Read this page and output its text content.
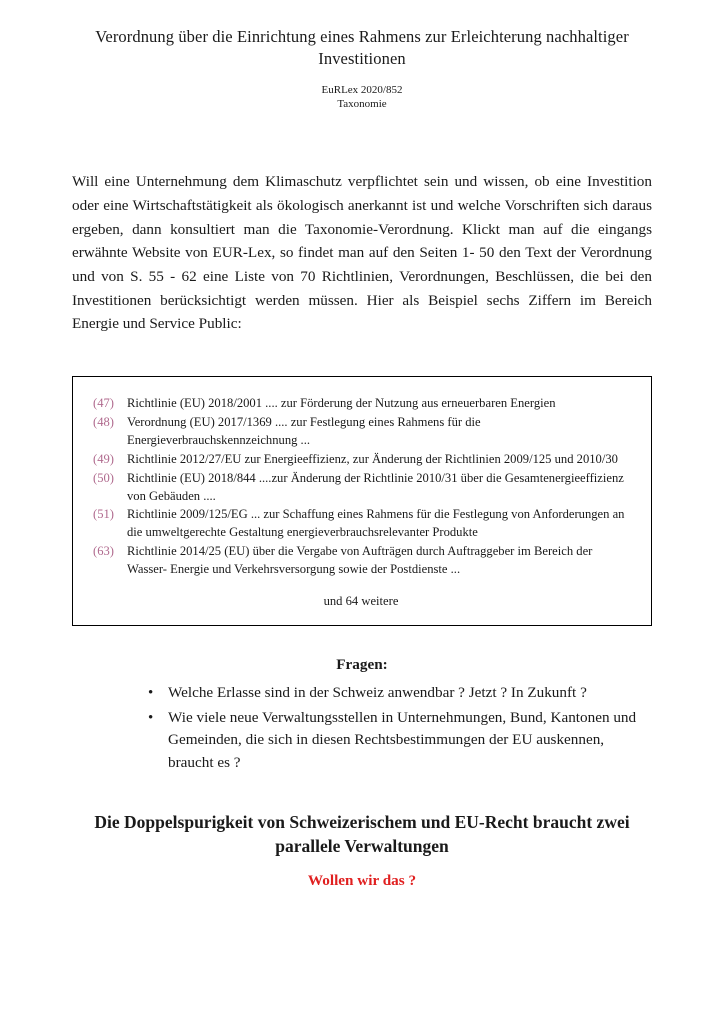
Verordnung über die Einrichtung eines Rahmens zur Erleichterung nachhaltiger Investitionen
EuRLex 2020/852
Taxonomie

Will eine Unternehmung dem Klimaschutz verpflichtet sein und wissen, ob eine Investition oder eine Wirtschaftstätigkeit als ökologisch anerkannt ist und welche Vorschriften sich daraus ergeben, dann konsultiert man die Taxonomie-Verordnung. Klickt man auf die eingangs erwähnte Website von EUR-Lex, so findet man auf den Seiten 1- 50 den Text der Verordnung und von S. 55 - 62 eine Liste von 70 Richtlinien, Verordnungen, Beschlüssen, die bei den Investitionen berücksichtigt werden müssen. Hier als Beispiel sechs Ziffern im Bereich Energie und Service Public:

(47)	Richtlinie (EU) 2018/2001 .... zur Förderung der Nutzung aus erneuerbaren Energien
(48)	Verordnung (EU) 2017/1369 .... zur Festlegung eines Rahmens für die Energieverbrauchskennzeichnung ...
(49)	Richtlinie 2012/27/EU zur Energieeffizienz, zur Änderung der Richtlinien 2009/125 und 2010/30
(50)	Richtlinie (EU) 2018/844 ....zur Änderung der Richtlinie 2010/31 über die Gesamtenergieeffizienz von Gebäuden ....
(51)	Richtlinie 2009/125/EG ... zur Schaffung eines Rahmens für die Festlegung von Anforderungen an die umweltgerechte Gestaltung energieverbrauchsrelevanter Produkte
(63)	Richtlinie 2014/25 (EU) über die Vergabe von Aufträgen durch Auftraggeber im Bereich der Wasser- Energie und Verkehrsversorgung sowie der Postdienste ...
und 64 weitere
Fragen:
• Welche Erlasse sind in der Schweiz anwendbar ? Jetzt ? In Zukunft ?
• Wie viele neue Verwaltungsstellen in Unternehmungen, Bund, Kantonen und Gemeinden, die sich in diesen Rechtsbestimmungen der EU auskennen, braucht es ?

Die Doppelspurigkeit von Schweizerischem und EU-Recht braucht zwei parallele Verwaltungen

Wollen wir das ?
